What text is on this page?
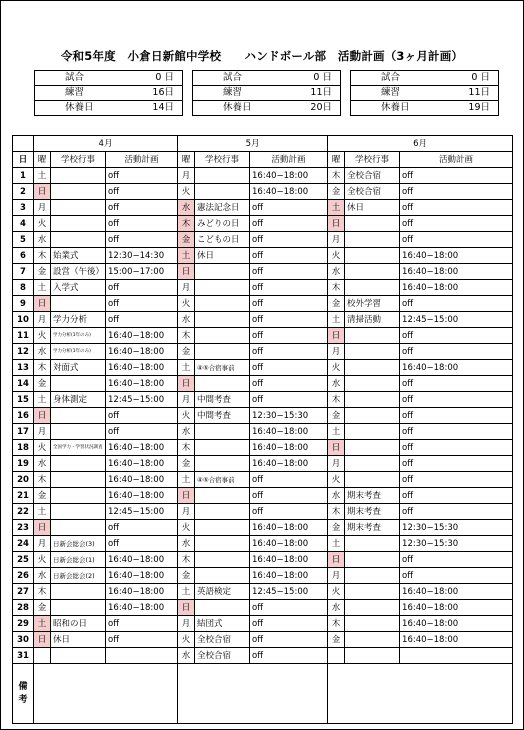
令和5年度　小倉日新館中学校　　ハンドボール部　活動計画（3ヶ月計画）
試合 0 日		試合 0 日		試合 0 日

練習 16日		練習 11日		練習 11日

休養日 14日		休養日 20日		休養日 19日
	4月			5月			6月		
日	曜	学校行事	活動計画	曜	学校行事	活動計画	曜	学校行事	活動計画
1	土		off	月		16:40−18:00	木	全校合宿	off
2	日		off	火		16:40−18:00	金	全校合宿	off
3	月		off	水	憲法記念日	off	土	休日	off
4	火		off	木	みどりの日	off	日		off
5	水		off	金	こどもの日	off	月		off
6	木	始業式	12:30−14:30	土	休日	off	火		16:40−18:00
7	金	設営（午後）	15:00−17:00	日		off	水		16:40−18:00
8	土	入学式	off	月		off	木		16:40−18:00
9	日		off	火		off	金	校外学習	off
10	月	学力分析	off	水		off	土	清掃活動	12:45−15:00
11	火	学力分析(1年のみ)	16:40−18:00	木		off	日		off
12	水	学力分析(1年のみ)	16:40−18:00	金		off	月		off
13	木	対面式	16:40−18:00	土	④⑤合宿事前	off	火		16:40−18:00
14	金		16:40−18:00	日		off	水		off
15	土	身体測定	12:45−15:00	月	中間考査	off	木		off
16	日		off	火	中間考査	12:30−15:30	金		off
17	月		off	水		16:40−18:00	土		off
18	火	全国学力・学習状況調査	16:40−18:00	木		16:40−18:00	日		off
19	水		16:40−18:00	金		16:40−18:00	月		off
20	木		16:40−18:00	土	④⑤合宿事前	off	火		off
21	金		16:40−18:00	日		off	水	期末考査	off
22	土		12:45−15:00	月		off	木	期末考査	off
23	日		off	火		16:40−18:00	金	期末考査	12:30−15:30
24	月	日新会総会(3)	off	水		16:40−18:00	土		12:30−15:30
25	火	日新会総会(1)	16:40−18:00	木		16:40−18:00	日		off
26	水	日新会総会(2)	16:40−18:00	金		16:40−18:00	月		off
27	木		16:40−18:00	土	英語検定	12:45−15:00	火		16:40−18:00
28	金		16:40−18:00	日		off	水		16:40−18:00
29	土	昭和の日	off	月	結団式	off	木		16:40−18:00
30	日	休日	off	火	全校合宿	off	金		16:40−18:00
31				水	全校合宿	off			

備
考									
